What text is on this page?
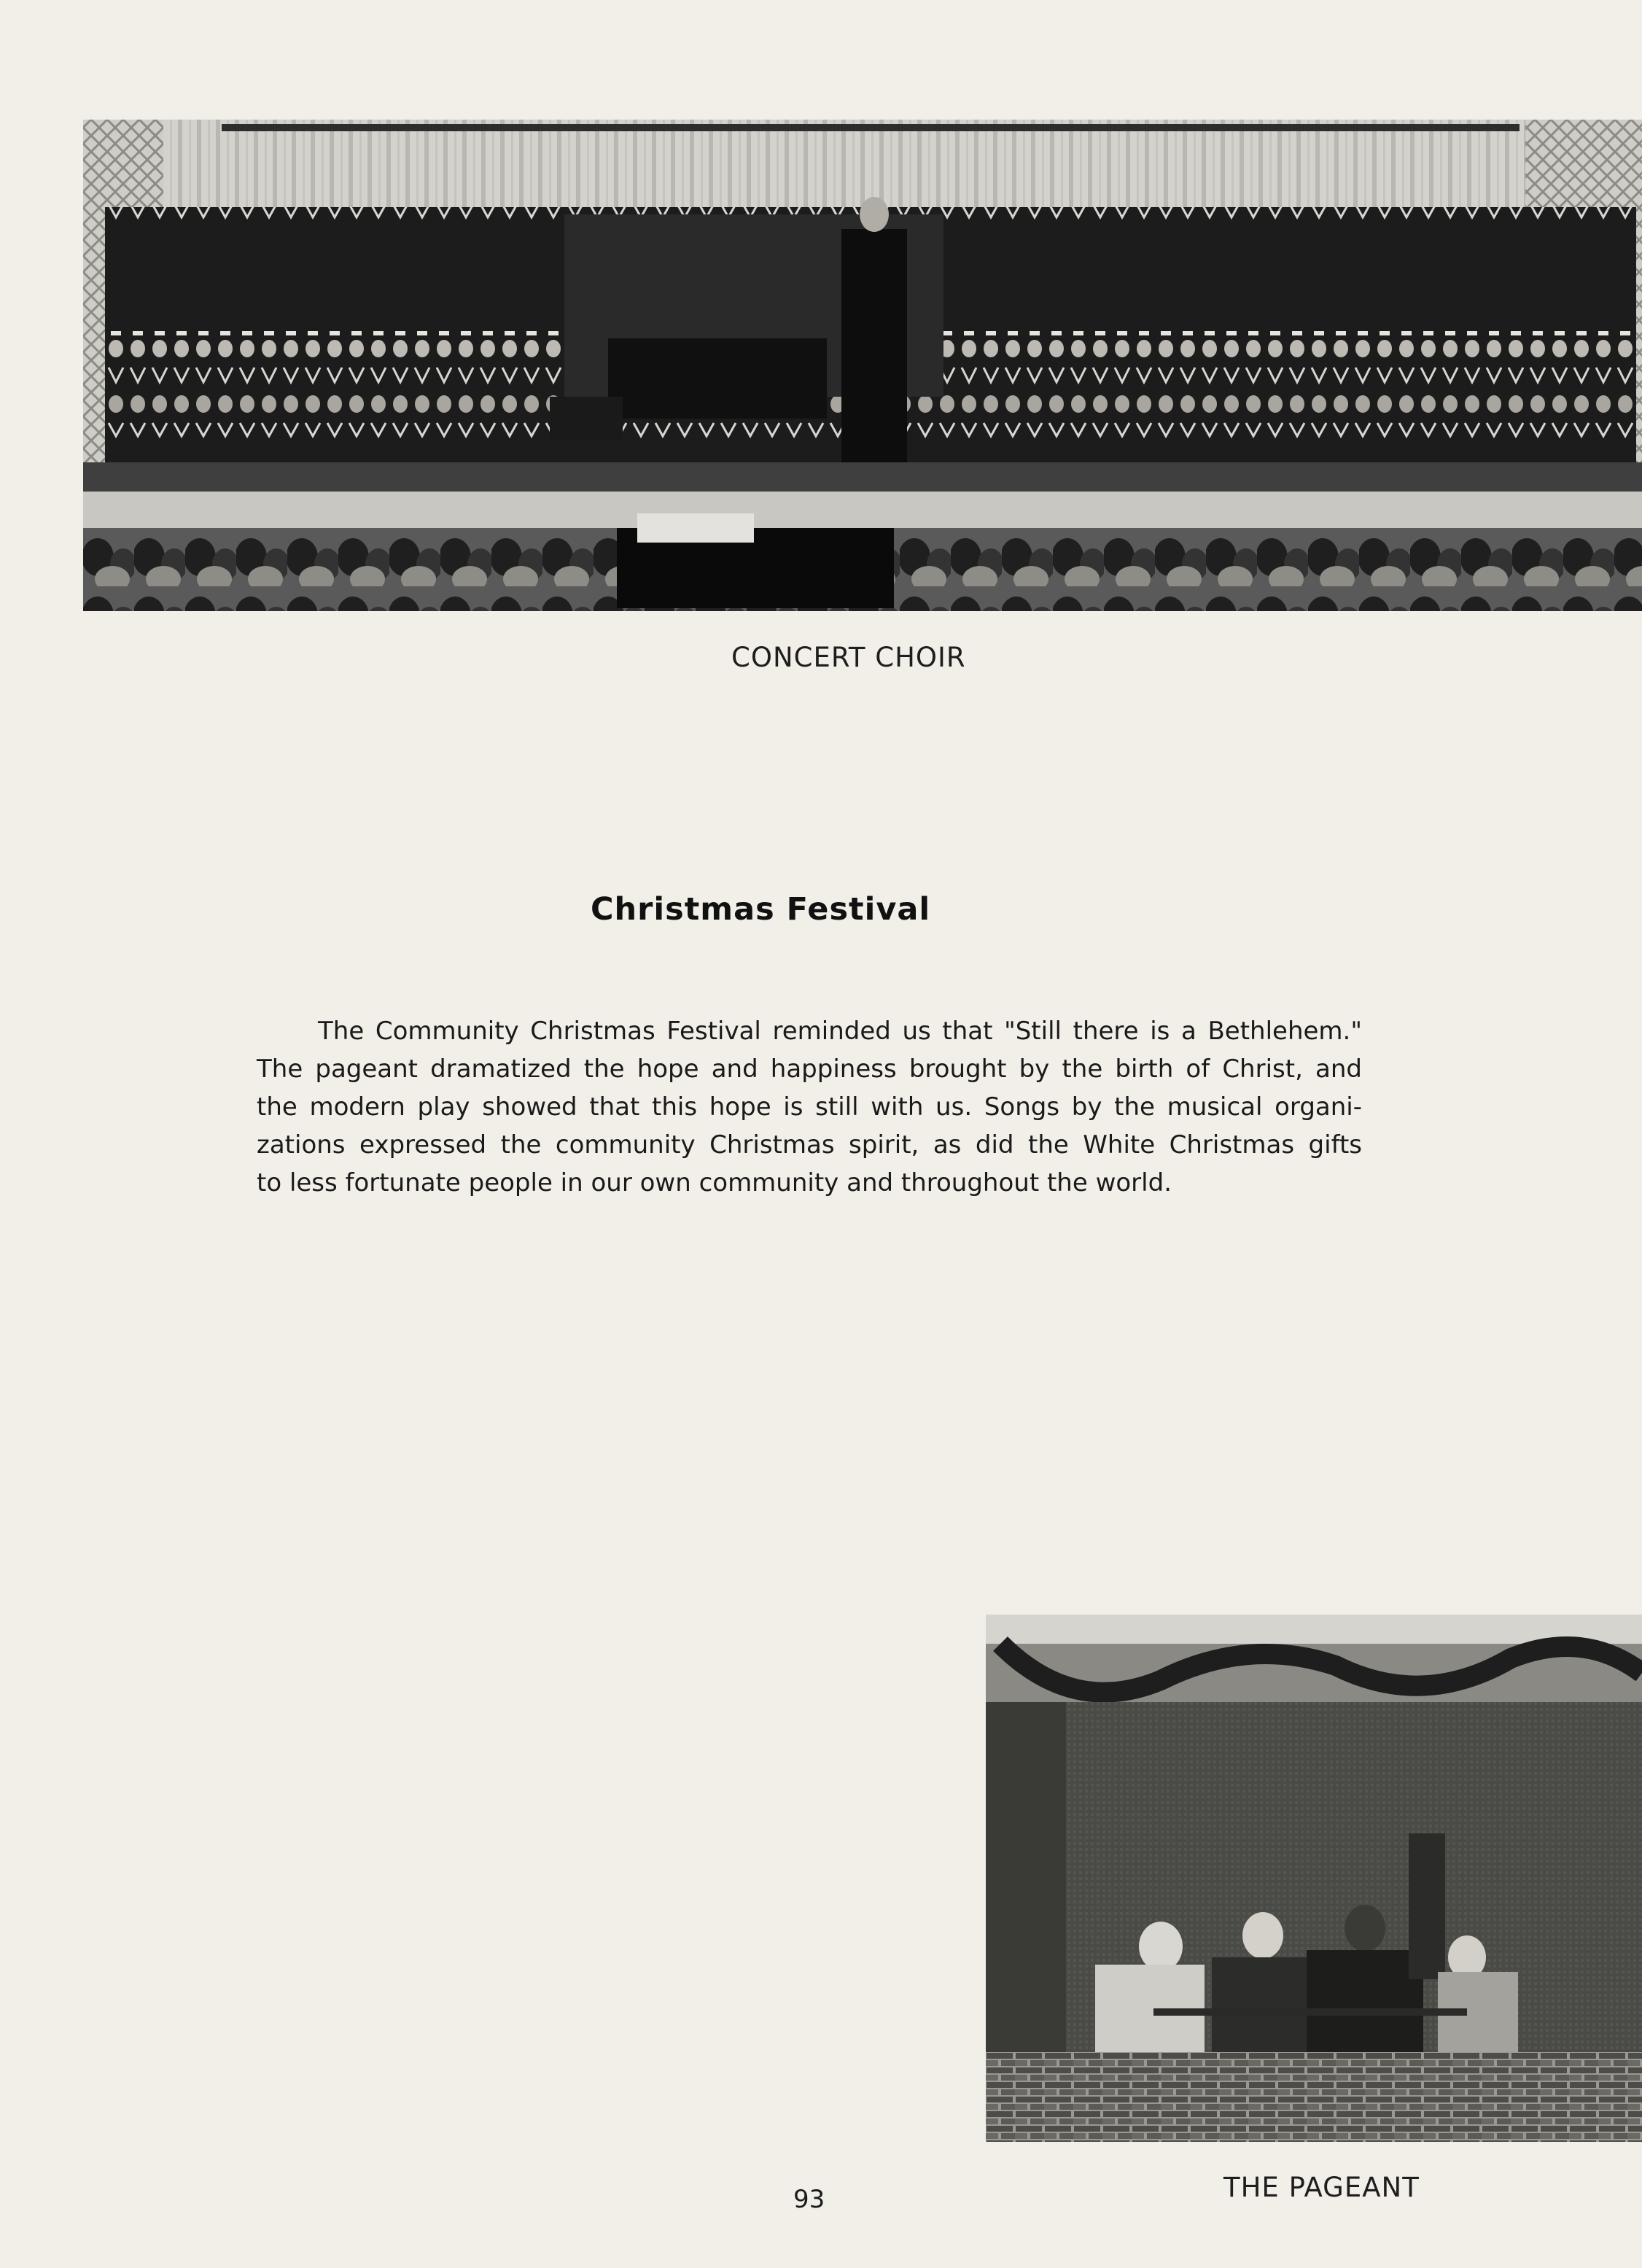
CONCERT CHOIR
Christmas Festival
The Community Christmas Festival reminded us that "Still there is a Bethlehem."
The pageant dramatized the hope and happiness brought by the birth of Christ, and
the modern play showed that this hope is still with us. Songs by the musical organi-
zations expressed the community Christmas spirit, as did the White Christmas gifts
to less fortunate people in our own community and throughout the world.
THE PAGEANT
93
